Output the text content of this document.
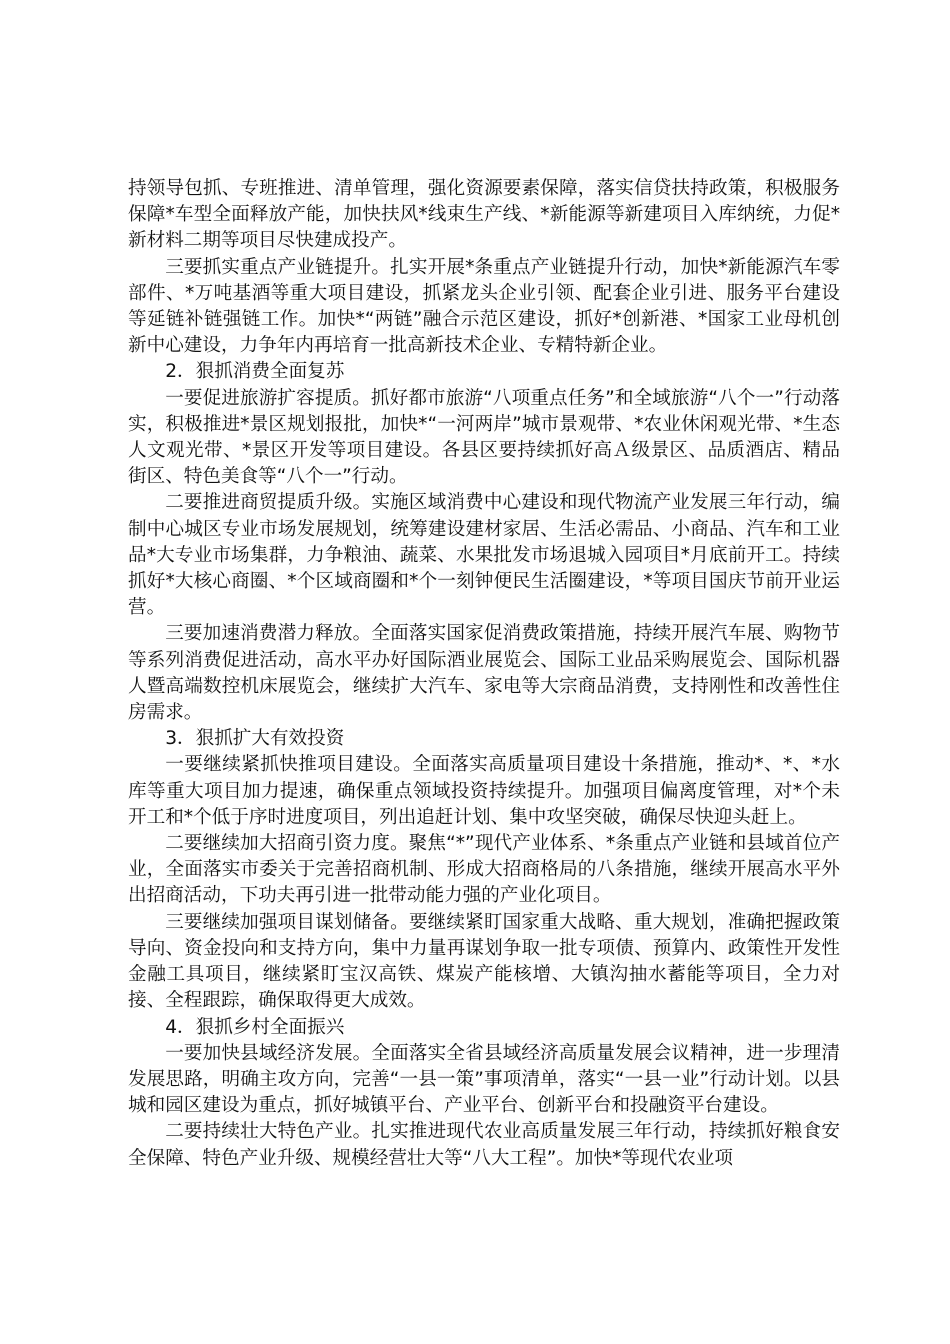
持领导包抓、专班推进、清单管理，强化资源要素保障，落实信贷扶持政策，积极服务保障*车型全面释放产能，加快扶风*线束生产线、*新能源等新建项目入库纳统，力促*新材料二期等项目尽快建成投产。

三要抓实重点产业链提升。扎实开展*条重点产业链提升行动，加快*新能源汽车零部件、*万吨基酒等重大项目建设，抓紧龙头企业引领、配套企业引进、服务平台建设等延链补链强链工作。加快*“两链”融合示范区建设，抓好*创新港、*国家工业母机创新中心建设，力争年内再培育一批高新技术企业、专精特新企业。

2．狠抓消费全面复苏

一要促进旅游扩容提质。抓好都市旅游“八项重点任务”和全域旅游“八个一”行动落实，积极推进*景区规划报批，加快*“一河两岸”城市景观带、*农业休闲观光带、*生态人文观光带、*景区开发等项目建设。各县区要持续抓好高Ａ级景区、品质酒店、精品街区、特色美食等“八个一”行动。

二要推进商贸提质升级。实施区域消费中心建设和现代物流产业发展三年行动，编制中心城区专业市场发展规划，统筹建设建材家居、生活必需品、小商品、汽车和工业品*大专业市场集群，力争粮油、蔬菜、水果批发市场退城入园项目*月底前开工。持续抓好*大核心商圈、*个区域商圈和*个一刻钟便民生活圈建设，*等项目国庆节前开业运营。

三要加速消费潜力释放。全面落实国家促消费政策措施，持续开展汽车展、购物节等系列消费促进活动，高水平办好国际酒业展览会、国际工业品采购展览会、国际机器人暨高端数控机床展览会，继续扩大汽车、家电等大宗商品消费，支持刚性和改善性住房需求。

3．狠抓扩大有效投资

一要继续紧抓快推项目建设。全面落实高质量项目建设十条措施，推动*、*、*水库等重大项目加力提速，确保重点领域投资持续提升。加强项目偏离度管理，对*个未开工和*个低于序时进度项目，列出追赶计划、集中攻坚突破，确保尽快迎头赶上。

二要继续加大招商引资力度。聚焦“*”现代产业体系、*条重点产业链和县域首位产业，全面落实市委关于完善招商机制、形成大招商格局的八条措施，继续开展高水平外出招商活动，下功夫再引进一批带动能力强的产业化项目。

三要继续加强项目谋划储备。要继续紧盯国家重大战略、重大规划，准确把握政策导向、资金投向和支持方向，集中力量再谋划争取一批专项债、预算内、政策性开发性金融工具项目，继续紧盯宝汉高铁、煤炭产能核增、大镇沟抽水蓄能等项目，全力对接、全程跟踪，确保取得更大成效。

4．狠抓乡村全面振兴

一要加快县域经济发展。全面落实全省县域经济高质量发展会议精神，进一步理清发展思路，明确主攻方向，完善“一县一策”事项清单，落实“一县一业”行动计划。以县城和园区建设为重点，抓好城镇平台、产业平台、创新平台和投融资平台建设。

二要持续壮大特色产业。扎实推进现代农业高质量发展三年行动，持续抓好粮食安全保障、特色产业升级、规模经营壮大等“八大工程”。加快*等现代农业项
